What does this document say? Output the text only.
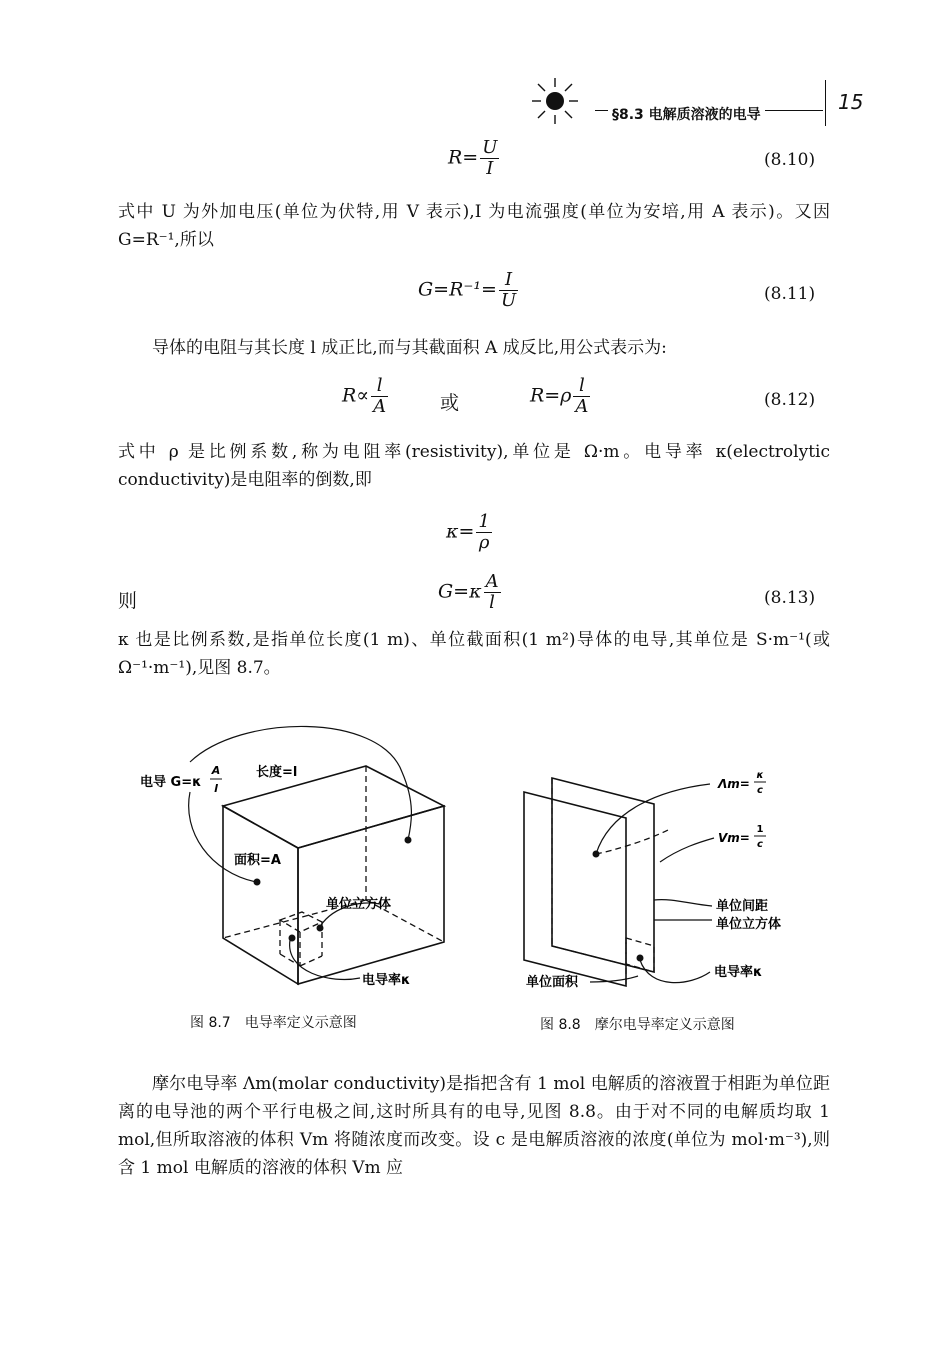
§8.3 电解质溶液的电导
15
$R= \frac{U}{I}$	(8.10)
式中 U 为外加电压(单位为伏特,用 V 表示),I 为电流强度(单位为安培,用 A 表示)。又因 G=R⁻¹,所以
$G=R^{-1}= \frac{I}{U}$	(8.11)
导体的电阻与其长度 l 成正比,而与其截面积 A 成反比,用公式表示为:
$R\propto \frac{l}{A}$	或	$R=\rho \frac{l}{A}$	(8.12)
式中 ρ 是比例系数,称为电阻率(resistivity),单位是 Ω·m。电导率 κ(electrolytic conductivity)是电阻率的倒数,即
$\kappa= \frac{1}{\rho}$
则	$G=\kappa \frac{A}{l}$	(8.13)
κ 也是比例系数,是指单位长度(1 m)、单位截面积(1 m²)导体的电导,其单位是 S·m⁻¹(或 Ω⁻¹·m⁻¹),见图 8.7。
电导 G=κ
A
l
长度=l
面积=A
单位立方体
电导率κ
图 8.7　电导率定义示意图
Λm=
κ
c
Vm=
1
c
单位间距
单位立方体
电导率κ
单位面积
图 8.8　摩尔电导率定义示意图
摩尔电导率 Λm(molar conductivity)是指把含有 1 mol 电解质的溶液置于相距为单位距离的电导池的两个平行电极之间,这时所具有的电导,见图 8.8。由于对不同的电解质均取 1 mol,但所取溶液的体积 Vm 将随浓度而改变。设 c 是电解质溶液的浓度(单位为 mol·m⁻³),则含 1 mol 电解质的溶液的体积 Vm 应
